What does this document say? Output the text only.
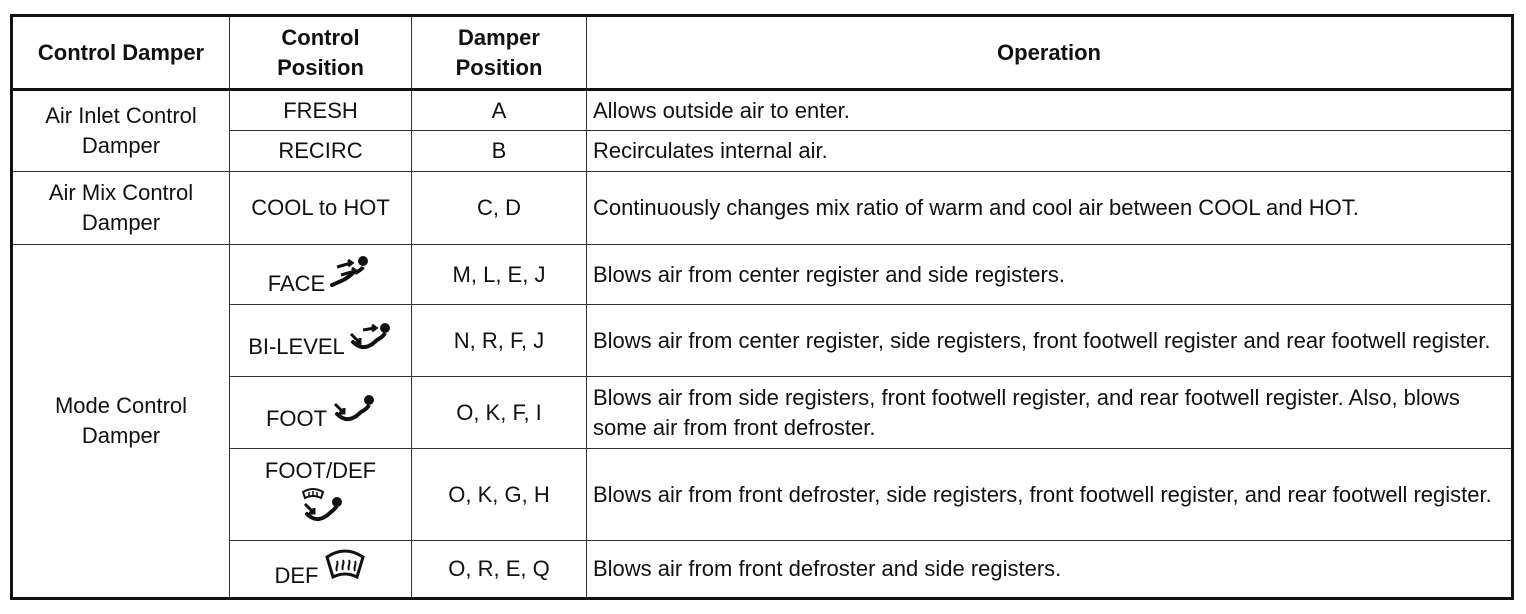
Control Damper	Control Position	Damper Position	Operation
Air Inlet Control Damper	FRESH	A	Allows outside air to enter.
	RECIRC	B	Recirculates internal air.
Air Mix Control Damper	COOL to HOT	C, D	Continuously changes mix ratio of warm and cool air between COOL and HOT.
Mode Control Damper	FACE	M, L, E, J	Blows air from center register and side registers.
	BI-LEVEL	N, R, F, J	Blows air from center register, side registers, front footwell register and rear footwell register.
	FOOT	O, K, F, I	Blows air from side registers, front footwell register, and rear footwell register. Also, blows some air from front defroster.

	FOOT/DEF	O, K, G, H	Blows air from front defroster, side registers, front footwell register, and rear footwell register.
	DEF	O, R, E, Q	Blows air from front defroster and side registers.
